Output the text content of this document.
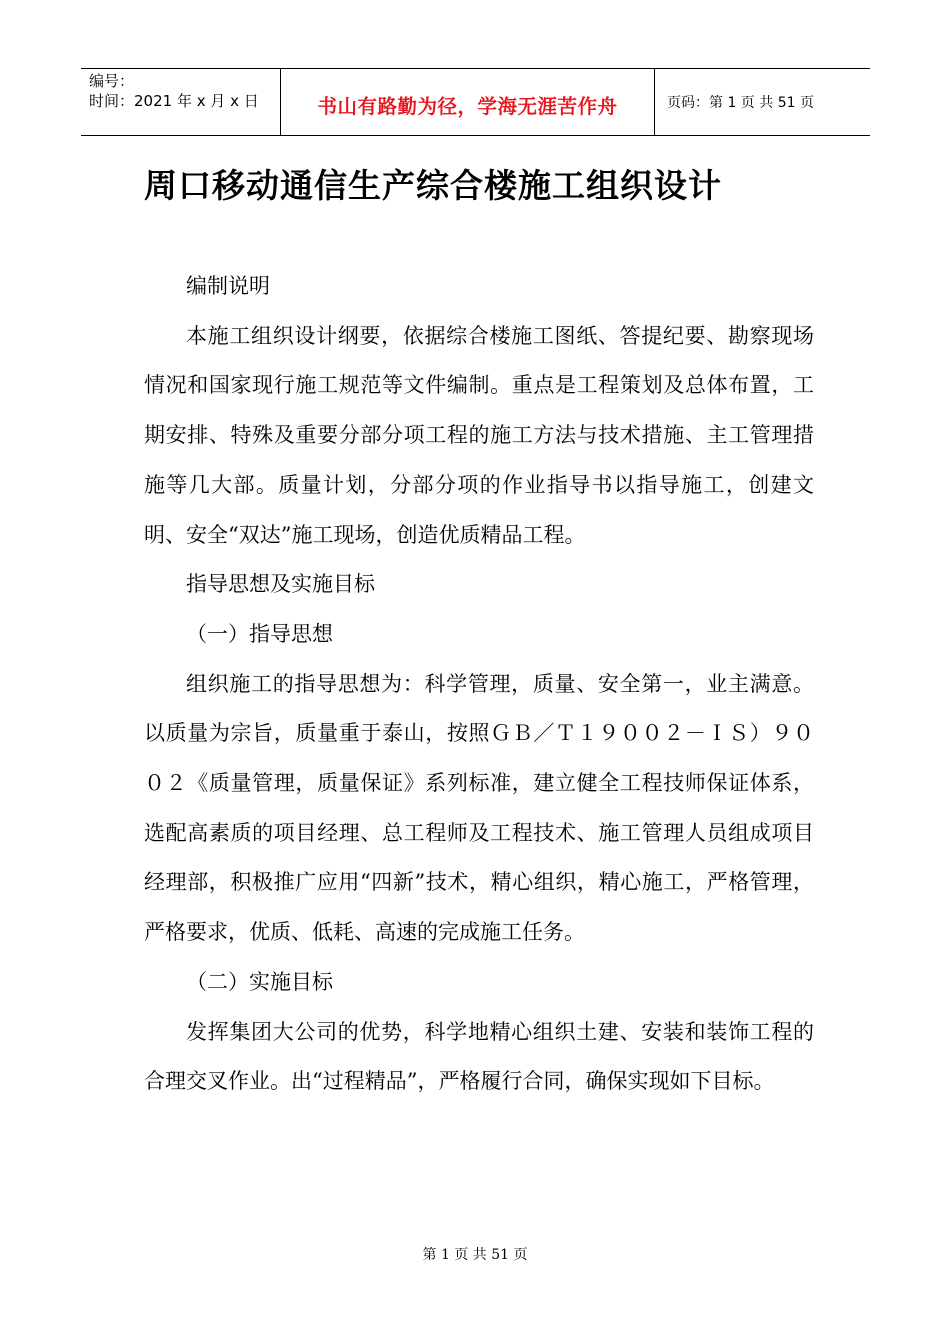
编号：
时间：2021 年 x 月 x 日	书山有路勤为径，学海无涯苦作舟	页码：第 1 页 共 51 页
周口移动通信生产综合楼施工组织设计

编制说明

本施工组织设计纲要，依据综合楼施工图纸、答提纪要、勘察现场情况和国家现行施工规范等文件编制。重点是工程策划及总体布置，工期安排、特殊及重要分部分项工程的施工方法与技术措施、主工管理措施等几大部。质量计划，分部分项的作业指导书以指导施工，创建文明、安全“双达”施工现场，创造优质精品工程。

指导思想及实施目标

（一）指导思想

组织施工的指导思想为：科学管理，质量、安全第一，业主满意。以质量为宗旨，质量重于泰山，按照ＧＢ／Ｔ１９００２－ＩＳ）９００２《质量管理，质量保证》系列标准，建立健全工程技师保证体系，选配高素质的项目经理、总工程师及工程技术、施工管理人员组成项目经理部，积极推广应用“四新”技术，精心组织，精心施工，严格管理，严格要求，优质、低耗、高速的完成施工任务。

（二）实施目标

发挥集团大公司的优势，科学地精心组织土建、安装和装饰工程的合理交叉作业。出“过程精品”，严格履行合同，确保实现如下目标。

第 1 页 共 51 页
